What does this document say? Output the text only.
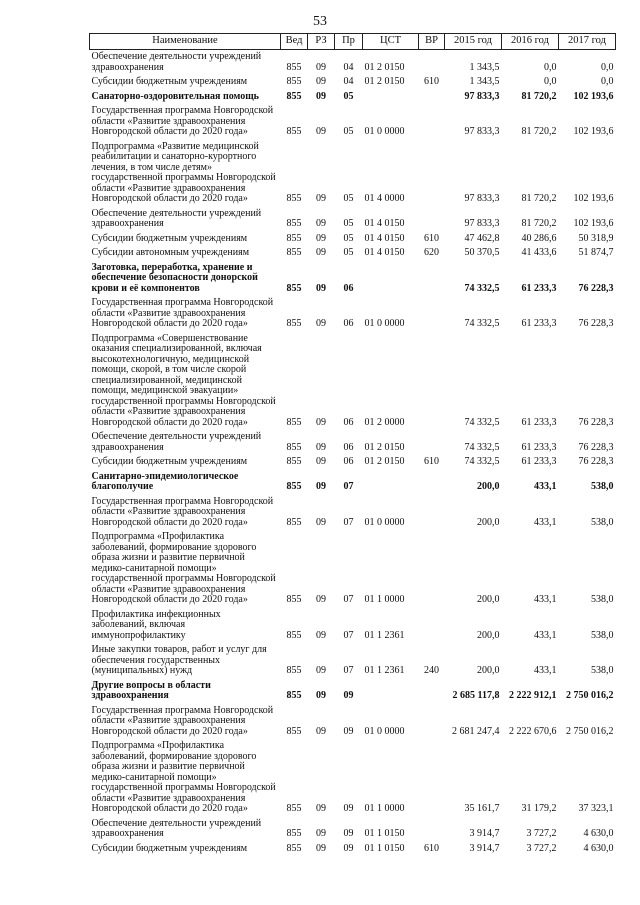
53
Наименование	Вед	РЗ	Пр	ЦСТ	ВР	2015 год	2016 год	2017 год
Обеспечение деятельности учреждений здравоохранения	855	09	04	01 2 0150		1 343,5	0,0	0,0
Субсидии бюджетным учреждениям	855	09	04	01 2 0150	610	1 343,5	0,0	0,0
Санаторно-оздоровительная помощь	855	09	05			97 833,3	81 720,2	102 193,6
Государственная программа Новгородской области «Развитие здравоохранения Новгородской области до 2020 года»	855	09	05	01 0 0000		97 833,3	81 720,2	102 193,6
Подпрограмма «Развитие медицинской реабилитации и санаторно-курортного лечения, в том числе детям» государственной программы Новгородской области «Развитие здравоохранения Новгородской области до 2020 года»	855	09	05	01 4 0000		97 833,3	81 720,2	102 193,6
Обеспечение деятельности учреждений здравоохранения	855	09	05	01 4 0150		97 833,3	81 720,2	102 193,6
Субсидии бюджетным учреждениям	855	09	05	01 4 0150	610	47 462,8	40 286,6	50 318,9
Субсидии автономным учреждениям	855	09	05	01 4 0150	620	50 370,5	41 433,6	51 874,7
Заготовка, переработка, хранение и обеспечение безопасности донорской крови и её компонентов	855	09	06			74 332,5	61 233,3	76 228,3
Государственная программа Новгородской области «Развитие здравоохранения Новгородской области до 2020 года»	855	09	06	01 0 0000		74 332,5	61 233,3	76 228,3
Подпрограмма «Совершенствование оказания специализированной, включая высокотехнологичную, медицинской помощи, скорой, в том числе скорой специализированной, медицинской помощи, медицинской эвакуации» государственной программы Новгородской области «Развитие здравоохранения Новгородской области до 2020 года»	855	09	06	01 2 0000		74 332,5	61 233,3	76 228,3
Обеспечение деятельности учреждений здравоохранения	855	09	06	01 2 0150		74 332,5	61 233,3	76 228,3
Субсидии бюджетным учреждениям	855	09	06	01 2 0150	610	74 332,5	61 233,3	76 228,3
Санитарно-эпидемиологическое благополучие	855	09	07			200,0	433,1	538,0
Государственная программа Новгородской области «Развитие здравоохранения Новгородской области до 2020 года»	855	09	07	01 0 0000		200,0	433,1	538,0
Подпрограмма «Профилактика заболеваний, формирование здорового образа жизни и развитие первичной медико-санитарной помощи» государственной программы Новгородской области «Развитие здравоохранения Новгородской области до 2020 года»	855	09	07	01 1 0000		200,0	433,1	538,0
Профилактика инфекционных заболеваний, включая иммунопрофилактику	855	09	07	01 1 2361		200,0	433,1	538,0
Иные закупки товаров, работ и услуг для обеспечения государственных (муниципальных) нужд	855	09	07	01 1 2361	240	200,0	433,1	538,0
Другие вопросы в области здравоохранения	855	09	09			2 685 117,8	2 222 912,1	2 750 016,2
Государственная программа Новгородской области «Развитие здравоохранения Новгородской области до 2020 года»	855	09	09	01 0 0000		2 681 247,4	2 222 670,6	2 750 016,2
Подпрограмма «Профилактика заболеваний, формирование здорового образа жизни и развитие первичной медико-санитарной помощи» государственной программы Новгородской области «Развитие здравоохранения Новгородской области до 2020 года»	855	09	09	01 1 0000		35 161,7	31 179,2	37 323,1
Обеспечение деятельности учреждений здравоохранения	855	09	09	01 1 0150		3 914,7	3 727,2	4 630,0
Субсидии бюджетным учреждениям	855	09	09	01 1 0150	610	3 914,7	3 727,2	4 630,0
